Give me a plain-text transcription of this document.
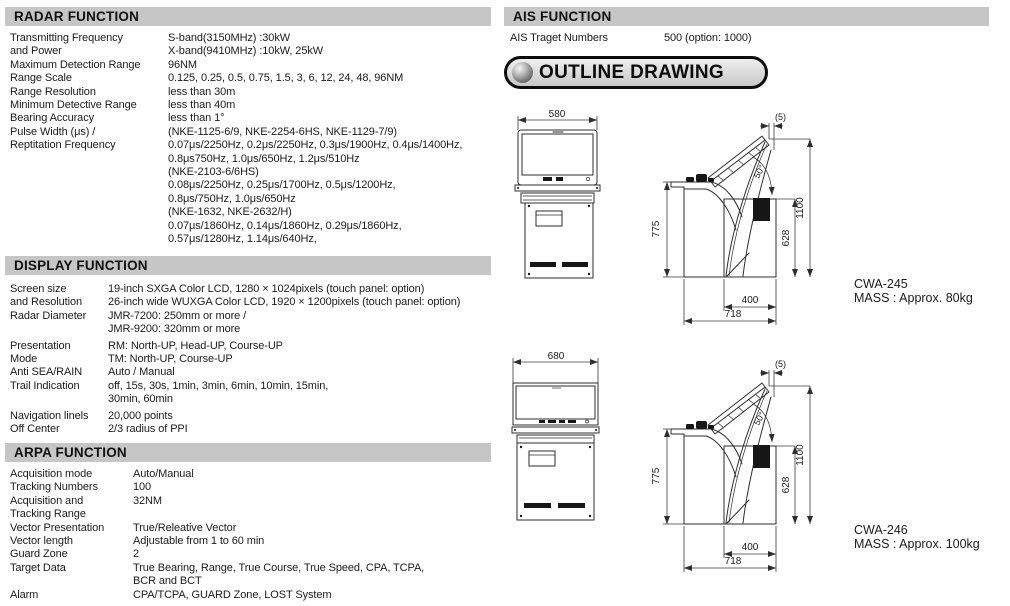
RADAR FUNCTION
Transmitting Frequency	S-band(3150MHz) :30kW
and Power	X-band(9410MHz) :10kW, 25kW
Maximum Detection Range	96NM
Range Scale	0.125, 0.25, 0.5, 0.75, 1.5, 3, 6, 12, 24, 48, 96NM
Range Resolution	less than 30m
Minimum Detective Range	less than 40m
Bearing Accuracy	less than 1°
Pulse Width (μs) /	(NKE-1125-6/9, NKE-2254-6HS, NKE-1129-7/9)
Reptitation Frequency	0.07μs/2250Hz, 0.2μs/2250Hz, 0.3μs/1900Hz, 0.4μs/1400Hz,
0.8μs750Hz, 1.0μs/650Hz, 1.2μs/510Hz
(NKE-2103-6/6HS)
0.08μs/2250Hz, 0.25μs/1700Hz, 0.5μs/1200Hz,
0.8μs/750Hz, 1.0μs/650Hz
(NKE-1632, NKE-2632/H)
0.07μs/1860Hz, 0.14μs/1860Hz, 0.29μs/1860Hz,
0.57μs/1280Hz, 1.14μs/640Hz,
DISPLAY FUNCTION
Screen size	19-inch SXGA Color LCD, 1280 × 1024pixels (touch panel: option)
and Resolution	26-inch wide WUXGA Color LCD, 1920 × 1200pixels (touch panel: option)
Radar Diameter	JMR-7200: 250mm or more /
JMR-9200: 320mm or more
Presentation	RM: North-UP, Head-UP, Course-UP
Mode	TM: North-UP, Course-UP
Anti SEA/RAIN	Auto / Manual
Trail Indication	off, 15s, 30s, 1min, 3min, 6min, 10min, 15min,
30min, 60min
Navigation linels	20,000 points
Off Center	2/3 radius of PPI
ARPA FUNCTION
Acquisition mode	Auto/Manual
Tracking Numbers	100
Acquisition and	32NM
Tracking Range
Vector Presentation	True/Releative Vector
Vector length	Adjustable from 1 to 60 min
Guard Zone	2
Target Data	True Bearing, Range, True Course, True Speed, CPA, TCPA,
BCR and BCT
Alarm	CPA/TCPA, GUARD Zone, LOST System
AIS FUNCTION
AIS Traget Numbers	500 (option: 1000)
OUTLINE DRAWING
580
775
1100
628
(5)
50°
400
718
CWA-245
MASS : Approx. 80kg
680
775
1100
628
(5)
50°
400
718
CWA-246
MASS : Approx. 100kg
